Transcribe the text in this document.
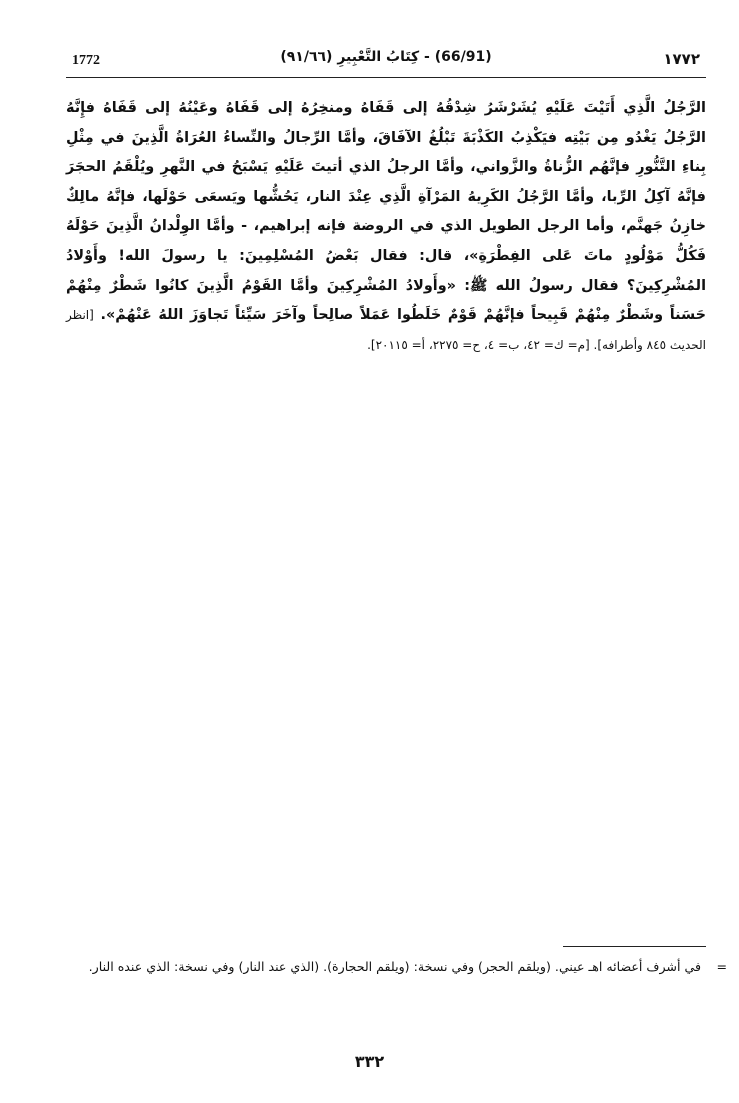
1772	(66/91) - كِتَابُ التَّعْبِيرِ (٩١/٦٦)	١٧٧٢
الرَّجُلُ الَّذِي أَتَيْتَ عَلَيْهِ يُشَرْشَرُ شِدْقُهُ إلى قَفَاهُ ومنخِرُهُ إلى قَفَاهُ وعَيْنُهُ إلى قَفَاهُ فإِنَّهُ الرَّجُلُ يَغْدُو مِن بَيْتِه فيَكْذِبُ الكَذْبَةَ تَبْلُغُ الآفَاقَ، وأمَّا الرِّجالُ والنِّساءُ العُرَاةُ الَّذِينَ في مِثْلِ بِناءِ التَّنُّورِ فإنَّهُم الزُّناةُ والزَّواني، وأمَّا الرجلُ الذي أتيتَ عَلَيْهِ يَسْبَحُ في النَّهرِ ويُلْقَمُ الحجَرَ فإنَّهُ آكِلُ الرِّبا، وأمَّا الرَّجُلُ الكَرِيهُ المَرْآةِ الَّذِي عِنْدَ النار، يَحُشُّها ويَسعَى حَوْلَها، فإنَّهُ مالِكٌ خازِنُ جَهنَّم، وأما الرجل الطويل الذي في الروضة فإنه إبراهيم، - وأمَّا الوِلْدانُ الَّذِينَ حَوْلَهُ فَكُلُّ مَوْلُودٍ ماتَ عَلى الفِطْرَةِ»، قال: فقال بَعْضُ المُسْلِمِينَ: يا رسولَ الله! وأَوْلادُ المُشْرِكِينَ؟ فقال رسولُ الله ﷺ: «وأَولادُ المُشْرِكِينَ وأمَّا القَوْمُ الَّذِينَ كانُوا شَطْرٌ مِنْهُمْ حَسَناً وشَطْرٌ مِنْهُمْ قَبِيحاً فإنَّهُمْ قَوْمٌ خَلَطُوا عَمَلاً صالِحاً وآخَرَ سَيِّئاً تَجاوَزَ اللهُ عَنْهُمْ». [انظر الحديث ٨٤٥ وأطرافه]. [م= ك= ٤٢، ب= ٤، ح= ٢٢٧٥، أ= ٢٠١١٥].
=
في أشرف أعضائه اهـ عيني. (ويلقم الحجر) وفي نسخة: (ويلقم الحجارة). (الذي عند النار) وفي نسخة: الذي عنده النار.
٣٣٢
